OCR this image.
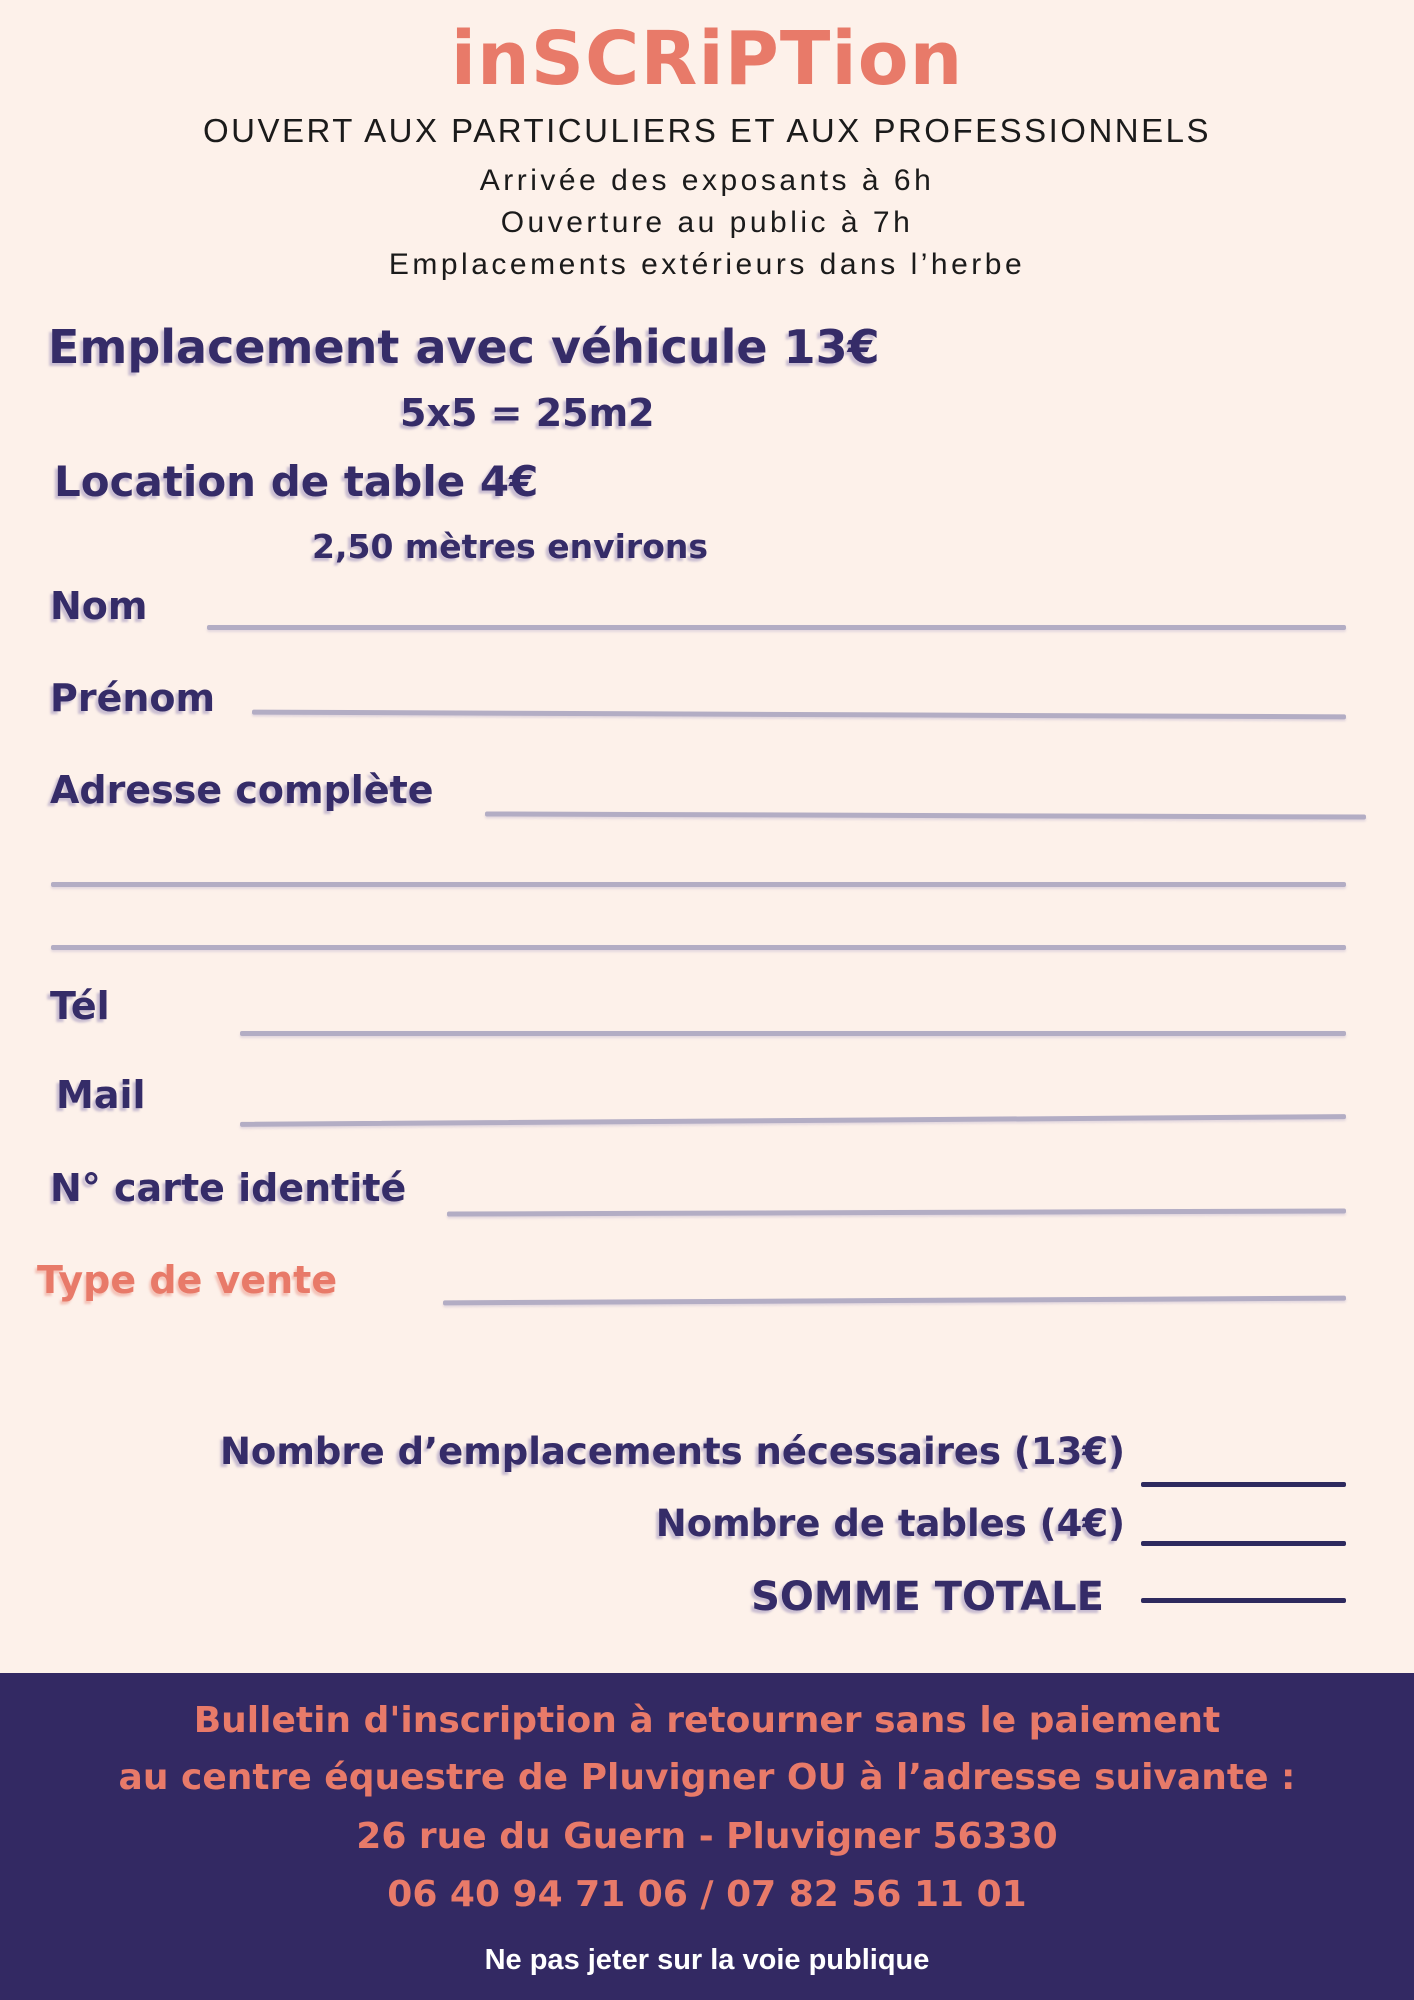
inSCRiPTion
OUVERT AUX PARTICULIERS ET AUX PROFESSIONNELS
Arrivée des exposants à 6h
Ouverture au public à 7h
Emplacements extérieurs dans l’herbe
Emplacement avec véhicule 13€
5x5 = 25m2
Location de table 4€
2,50 mètres environs
Nom
Prénom
Adresse complète
Tél
Mail
N° carte identité
Type de vente
Nombre d’emplacements nécessaires (13€)
Nombre de tables (4€)
SOMME TOTALE
Bulletin d'inscription à retourner sans le paiement
au centre équestre de Pluvigner OU à l’adresse suivante :
26 rue du Guern - Pluvigner 56330
06 40 94 71 06 / 07 82 56 11 01
Ne pas jeter sur la voie publique
